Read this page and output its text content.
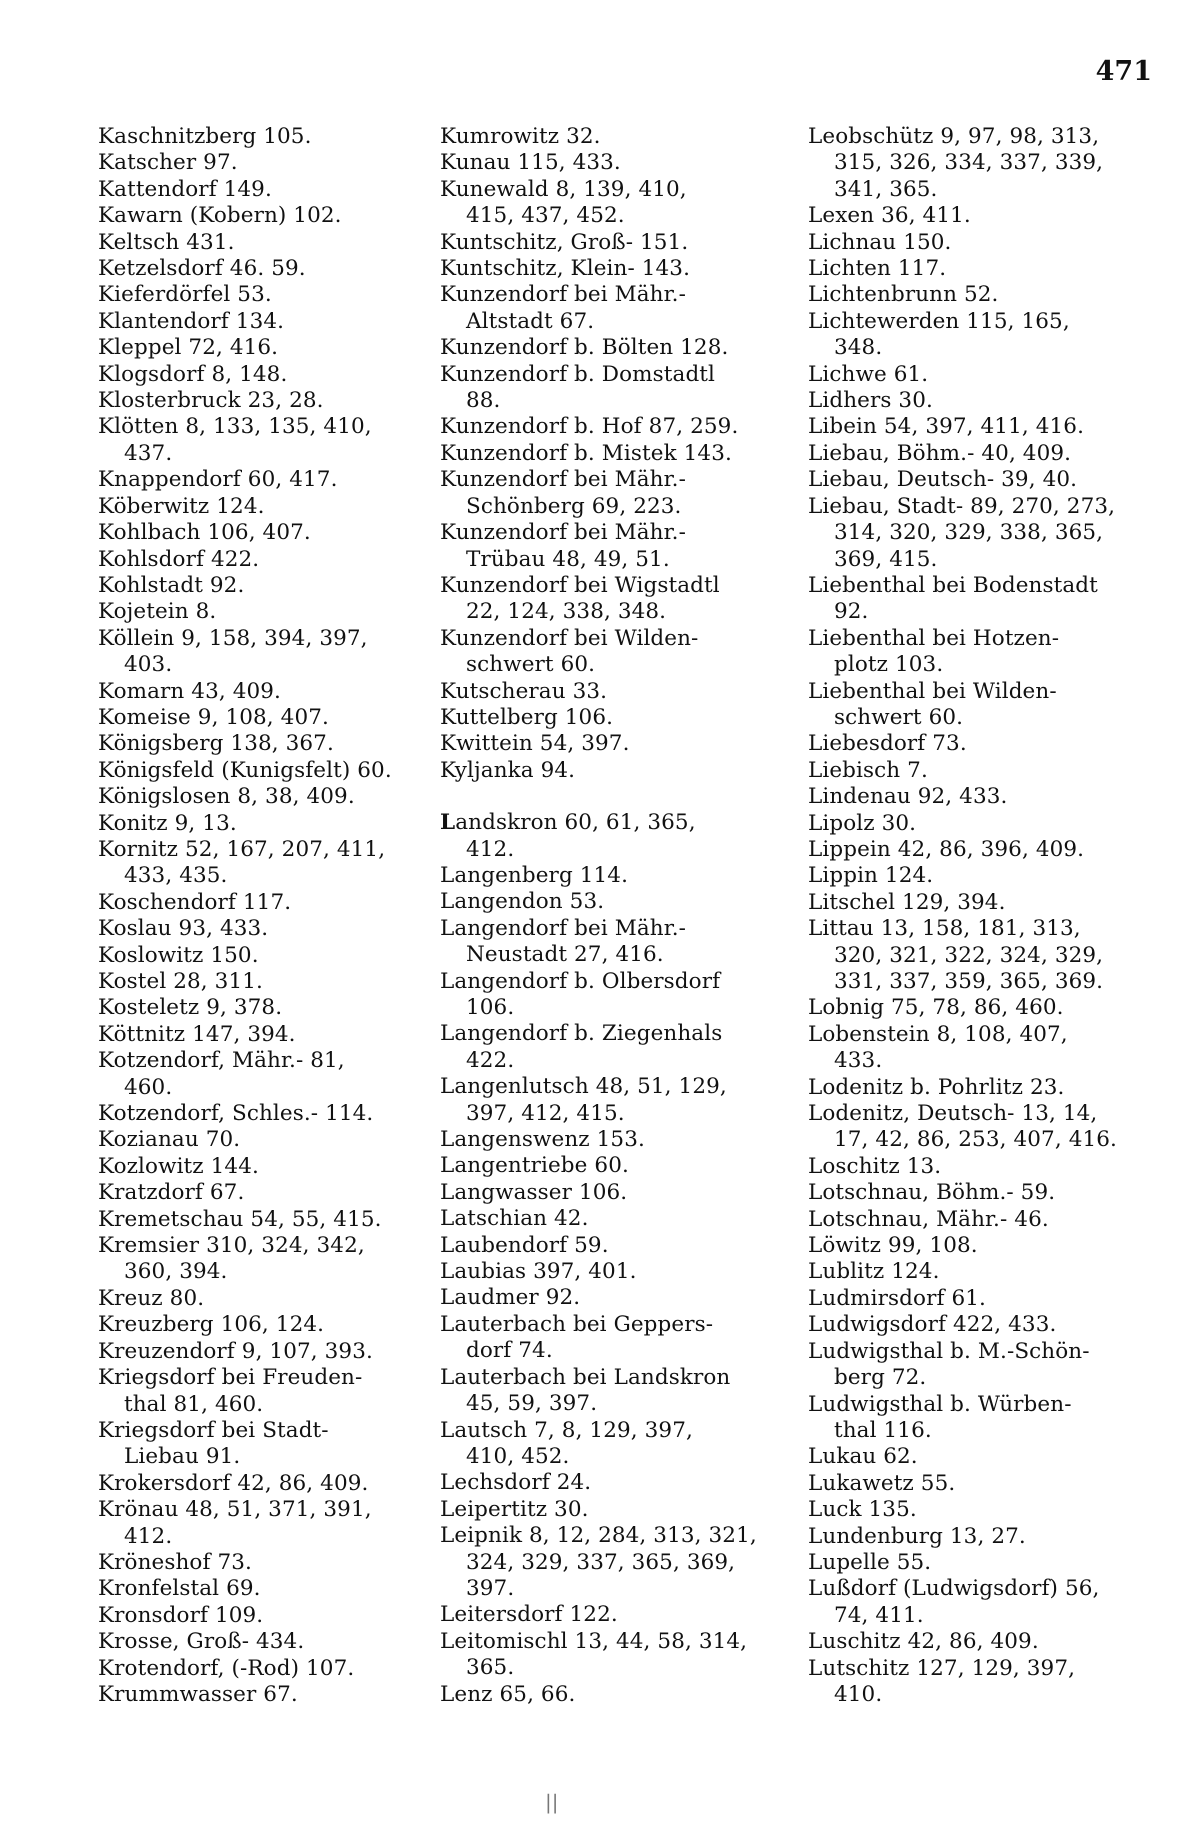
471
Kaschnitzberg 105.
Katscher 97.
Kattendorf 149.
Kawarn (Kobern) 102.
Keltsch 431.
Ketzelsdorf 46. 59.
Kieferdörfel 53.
Klantendorf 134.
Kleppel 72, 416.
Klogsdorf 8, 148.
Klosterbruck 23, 28.
Klötten 8, 133, 135, 410,
437.
Knappendorf 60, 417.
Köberwitz 124.
Kohlbach 106, 407.
Kohlsdorf 422.
Kohlstadt 92.
Kojetein 8.
Köllein 9, 158, 394, 397,
403.
Komarn 43, 409.
Komeise 9, 108, 407.
Königsberg 138, 367.
Königsfeld (Kunigsfelt) 60.
Königslosen 8, 38, 409.
Konitz 9, 13.
Kornitz 52, 167, 207, 411,
433, 435.
Koschendorf 117.
Koslau 93, 433.
Koslowitz 150.
Kostel 28, 311.
Kosteletz 9, 378.
Köttnitz 147, 394.
Kotzendorf, Mähr.- 81,
460.
Kotzendorf, Schles.- 114.
Kozianau 70.
Kozlowitz 144.
Kratzdorf 67.
Kremetschau 54, 55, 415.
Kremsier 310, 324, 342,
360, 394.
Kreuz 80.
Kreuzberg 106, 124.
Kreuzendorf 9, 107, 393.
Kriegsdorf bei Freuden-
thal 81, 460.
Kriegsdorf bei Stadt-
Liebau 91.
Krokersdorf 42, 86, 409.
Krönau 48, 51, 371, 391,
412.
Kröneshof 73.
Kronfelstal 69.
Kronsdorf 109.
Krosse, Groß- 434.
Krotendorf, (-Rod) 107.
Krummwasser 67.
Kumrowitz 32.
Kunau 115, 433.
Kunewald 8, 139, 410,
415, 437, 452.
Kuntschitz, Groß- 151.
Kuntschitz, Klein- 143.
Kunzendorf bei Mähr.-
Altstadt 67.
Kunzendorf b. Bölten 128.
Kunzendorf b. Domstadtl
88.
Kunzendorf b. Hof 87, 259.
Kunzendorf b. Mistek 143.
Kunzendorf bei Mähr.-
Schönberg 69, 223.
Kunzendorf bei Mähr.-
Trübau 48, 49, 51.
Kunzendorf bei Wigstadtl
22, 124, 338, 348.
Kunzendorf bei Wilden-
schwert 60.
Kutscherau 33.
Kuttelberg 106.
Kwittein 54, 397.
Kyljanka 94.
Landskron 60, 61, 365,
412.
Langenberg 114.
Langendon 53.
Langendorf bei Mähr.-
Neustadt 27, 416.
Langendorf b. Olbersdorf
106.
Langendorf b. Ziegenhals
422.
Langenlutsch 48, 51, 129,
397, 412, 415.
Langenswenz 153.
Langentriebe 60.
Langwasser 106.
Latschian 42.
Laubendorf 59.
Laubias 397, 401.
Laudmer 92.
Lauterbach bei Geppers-
dorf 74.
Lauterbach bei Landskron
45, 59, 397.
Lautsch 7, 8, 129, 397,
410, 452.
Lechsdorf 24.
Leipertitz 30.
Leipnik 8, 12, 284, 313, 321,
324, 329, 337, 365, 369,
397.
Leitersdorf 122.
Leitomischl 13, 44, 58, 314,
365.
Lenz 65, 66.
Leobschütz 9, 97, 98, 313,
315, 326, 334, 337, 339,
341, 365.
Lexen 36, 411.
Lichnau 150.
Lichten 117.
Lichtenbrunn 52.
Lichtewerden 115, 165,
348.
Lichwe 61.
Lidhers 30.
Libein 54, 397, 411, 416.
Liebau, Böhm.- 40, 409.
Liebau, Deutsch- 39, 40.
Liebau, Stadt- 89, 270, 273,
314, 320, 329, 338, 365,
369, 415.
Liebenthal bei Bodenstadt
92.
Liebenthal bei Hotzen-
plotz 103.
Liebenthal bei Wilden-
schwert 60.
Liebesdorf 73.
Liebisch 7.
Lindenau 92, 433.
Lipolz 30.
Lippein 42, 86, 396, 409.
Lippin 124.
Litschel 129, 394.
Littau 13, 158, 181, 313,
320, 321, 322, 324, 329,
331, 337, 359, 365, 369.
Lobnig 75, 78, 86, 460.
Lobenstein 8, 108, 407,
433.
Lodenitz b. Pohrlitz 23.
Lodenitz, Deutsch- 13, 14,
17, 42, 86, 253, 407, 416.
Loschitz 13.
Lotschnau, Böhm.- 59.
Lotschnau, Mähr.- 46.
Löwitz 99, 108.
Lublitz 124.
Ludmirsdorf 61.
Ludwigsdorf 422, 433.
Ludwigsthal b. M.-Schön-
berg 72.
Ludwigsthal b. Würben-
thal 116.
Lukau 62.
Lukawetz 55.
Luck 135.
Lundenburg 13, 27.
Lupelle 55.
Lußdorf (Ludwigsdorf) 56,
74, 411.
Luschitz 42, 86, 409.
Lutschitz 127, 129, 397,
410.
||
